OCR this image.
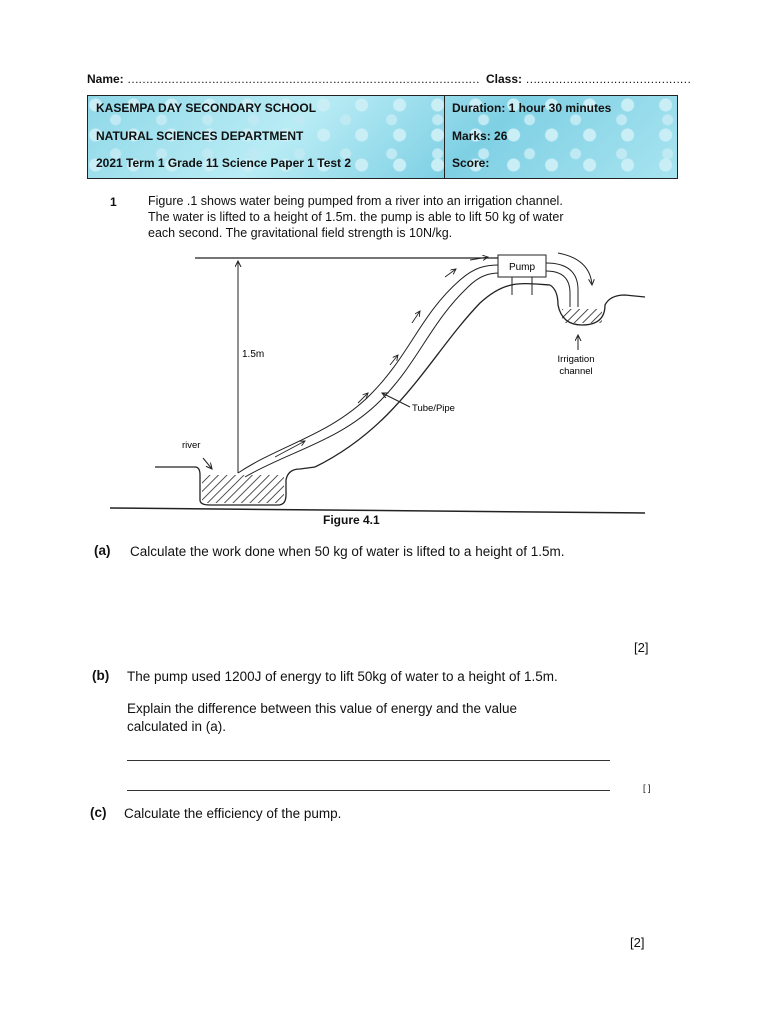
Name: …………………………………………………………………………………… Class: ………………………………………
KASEMPA DAY SECONDARY SCHOOL
NATURAL SCIENCES DEPARTMENT
2021 Term 1 Grade 11 Science Paper 1 Test 2
Duration: 1 hour 30 minutes
Marks: 26
Score:
1	Figure .1 shows water being pumped from a river into an irrigation channel.
The water is lifted to a height of 1.5m. the pump is able to lift 50 kg of water
each second. The gravitational field strength is 10N/kg.
Pump
1.5m	Irrigation
channel
Tube/Pipe
river
Figure 4.1
(a) Calculate the work done when 50 kg of water is lifted to a height of 1.5m.
[2]
(b) The pump used 1200J of energy to lift 50kg of water to a height of 1.5m.
Explain the difference between this value of energy and the value
calculated in (a).
[ ]
(c) Calculate the efficiency of the pump.
[2]
